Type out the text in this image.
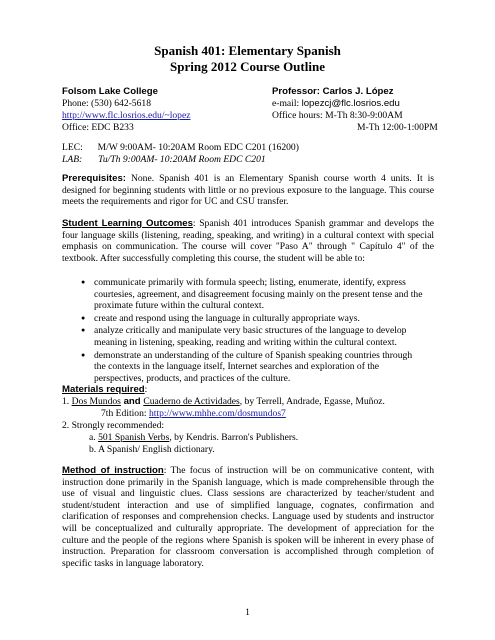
Spanish 401: Elementary Spanish
Spring 2012 Course Outline
Folsom Lake College
Phone: (530) 642-5618
http://www.flc.losrios.edu/~lopez
Office: EDC B233
Professor: Carlos J. López
e-mail: lopezcj@flc.losrios.edu
Office hours: M-Th 8:30-9:00AM
M-Th 12:00-1:00PM
LEC: M/W 9:00AM- 10:20AM Room EDC C201 (16200)
LAB: Tu/Th 9:00AM- 10:20AM Room EDC C201
Prerequisites: None. Spanish 401 is an Elementary Spanish course worth 4 units. It is designed for beginning students with little or no previous exposure to the language. This course meets the requirements and rigor for UC and CSU transfer.
Student Learning Outcomes: Spanish 401 introduces Spanish grammar and develops the four language skills (listening, reading, speaking, and writing) in a cultural context with special emphasis on communication. The course will cover "Paso A" through " Capítulo 4" of the textbook. After successfully completing this course, the student will be able to:
● communicate primarily with formula speech; listing, enumerate, identify, express courtesies, agreement, and disagreement focusing mainly on the present tense and the proximate future within the cultural context.
● create and respond using the language in culturally appropriate ways.
● analyze critically and manipulate very basic structures of the language to develop meaning in listening, speaking, reading and writing within the cultural context.
● demonstrate an understanding of the culture of Spanish speaking countries through the contexts in the language itself, Internet searches and exploration of the perspectives, products, and practices of the culture.
Materials required:
1. Dos Mundos and Cuaderno de Actividades, by Terrell, Andrade, Egasse, Muñoz.
7th Edition: http://www.mhhe.com/dosmundos7
2. Strongly recommended:
a. 501 Spanish Verbs, by Kendris. Barron's Publishers.
b. A Spanish/ English dictionary.
Method of instruction: The focus of instruction will be on communicative content, with instruction done primarily in the Spanish language, which is made comprehensible through the use of visual and linguistic clues. Class sessions are characterized by teacher/student and student/student interaction and use of simplified language, cognates, confirmation and clarification of responses and comprehension checks. Language used by students and instructor will be conceptualized and culturally appropriate. The development of appreciation for the culture and the people of the regions where Spanish is spoken will be inherent in every phase of instruction. Preparation for classroom conversation is accomplished through completion of specific tasks in language laboratory.
1
